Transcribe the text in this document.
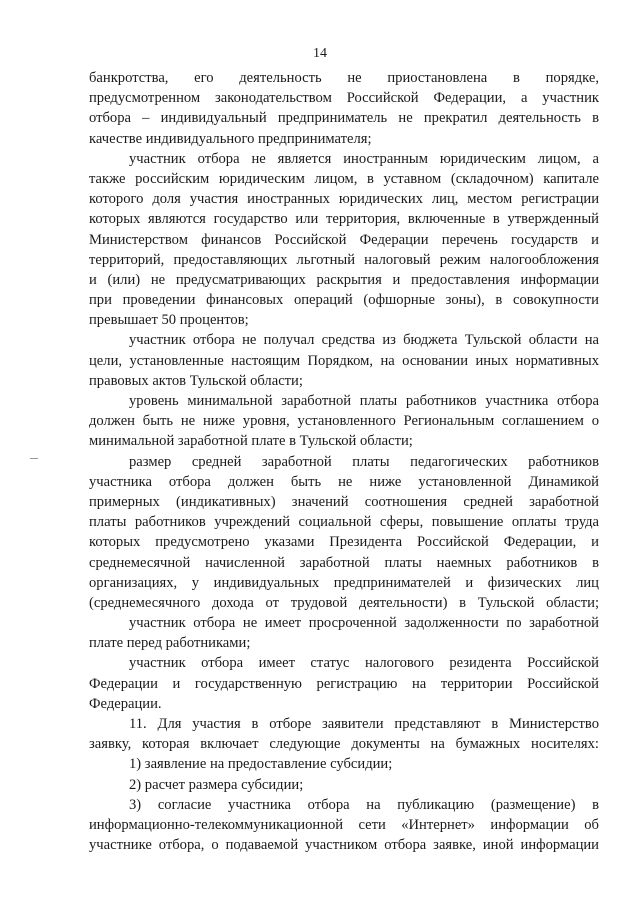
14
банкротства, его деятельность не приостановлена в порядке,
предусмотренном законодательством Российской Федерации, а участник
отбора – индивидуальный предприниматель не прекратил деятельность в
качестве индивидуального предпринимателя;
участник отбора не является иностранным юридическим лицом, а
также российским юридическим лицом, в уставном (складочном) капитале
которого доля участия иностранных юридических лиц, местом регистрации
которых являются государство или территория, включенные в утвержденный
Министерством финансов Российской Федерации перечень государств и
территорий, предоставляющих льготный налоговый режим налогообложения
и (или) не предусматривающих раскрытия и предоставления информации
при проведении финансовых операций (офшорные зоны), в совокупности
превышает 50 процентов;
участник отбора не получал средства из бюджета Тульской области на
цели, установленные настоящим Порядком, на основании иных нормативных
правовых актов Тульской области;
уровень минимальной заработной платы работников участника отбора
должен быть не ниже уровня, установленного Региональным соглашением о
минимальной заработной плате в Тульской области;
размер средней заработной платы педагогических работников
участника отбора должен быть не ниже установленной Динамикой
примерных (индикативных) значений соотношения средней заработной
платы работников учреждений социальной сферы, повышение оплаты труда
которых предусмотрено указами Президента Российской Федерации, и
среднемесячной начисленной заработной платы наемных работников в
организациях, у индивидуальных предпринимателей и физических лиц
(среднемесячного дохода от трудовой деятельности) в Тульской области;
участник отбора не имеет просроченной задолженности по заработной
плате перед работниками;
участник отбора имеет статус налогового резидента Российской
Федерации и государственную регистрацию на территории Российской
Федерации.
11. Для участия в отборе заявители представляют в Министерство
заявку, которая включает следующие документы на бумажных носителях:
1) заявление на предоставление субсидии;
2) расчет размера субсидии;
3) согласие участника отбора на публикацию (размещение) в
информационно-телекоммуникационной сети «Интернет» информации об
участнике отбора, о подаваемой участником отбора заявке, иной информации
